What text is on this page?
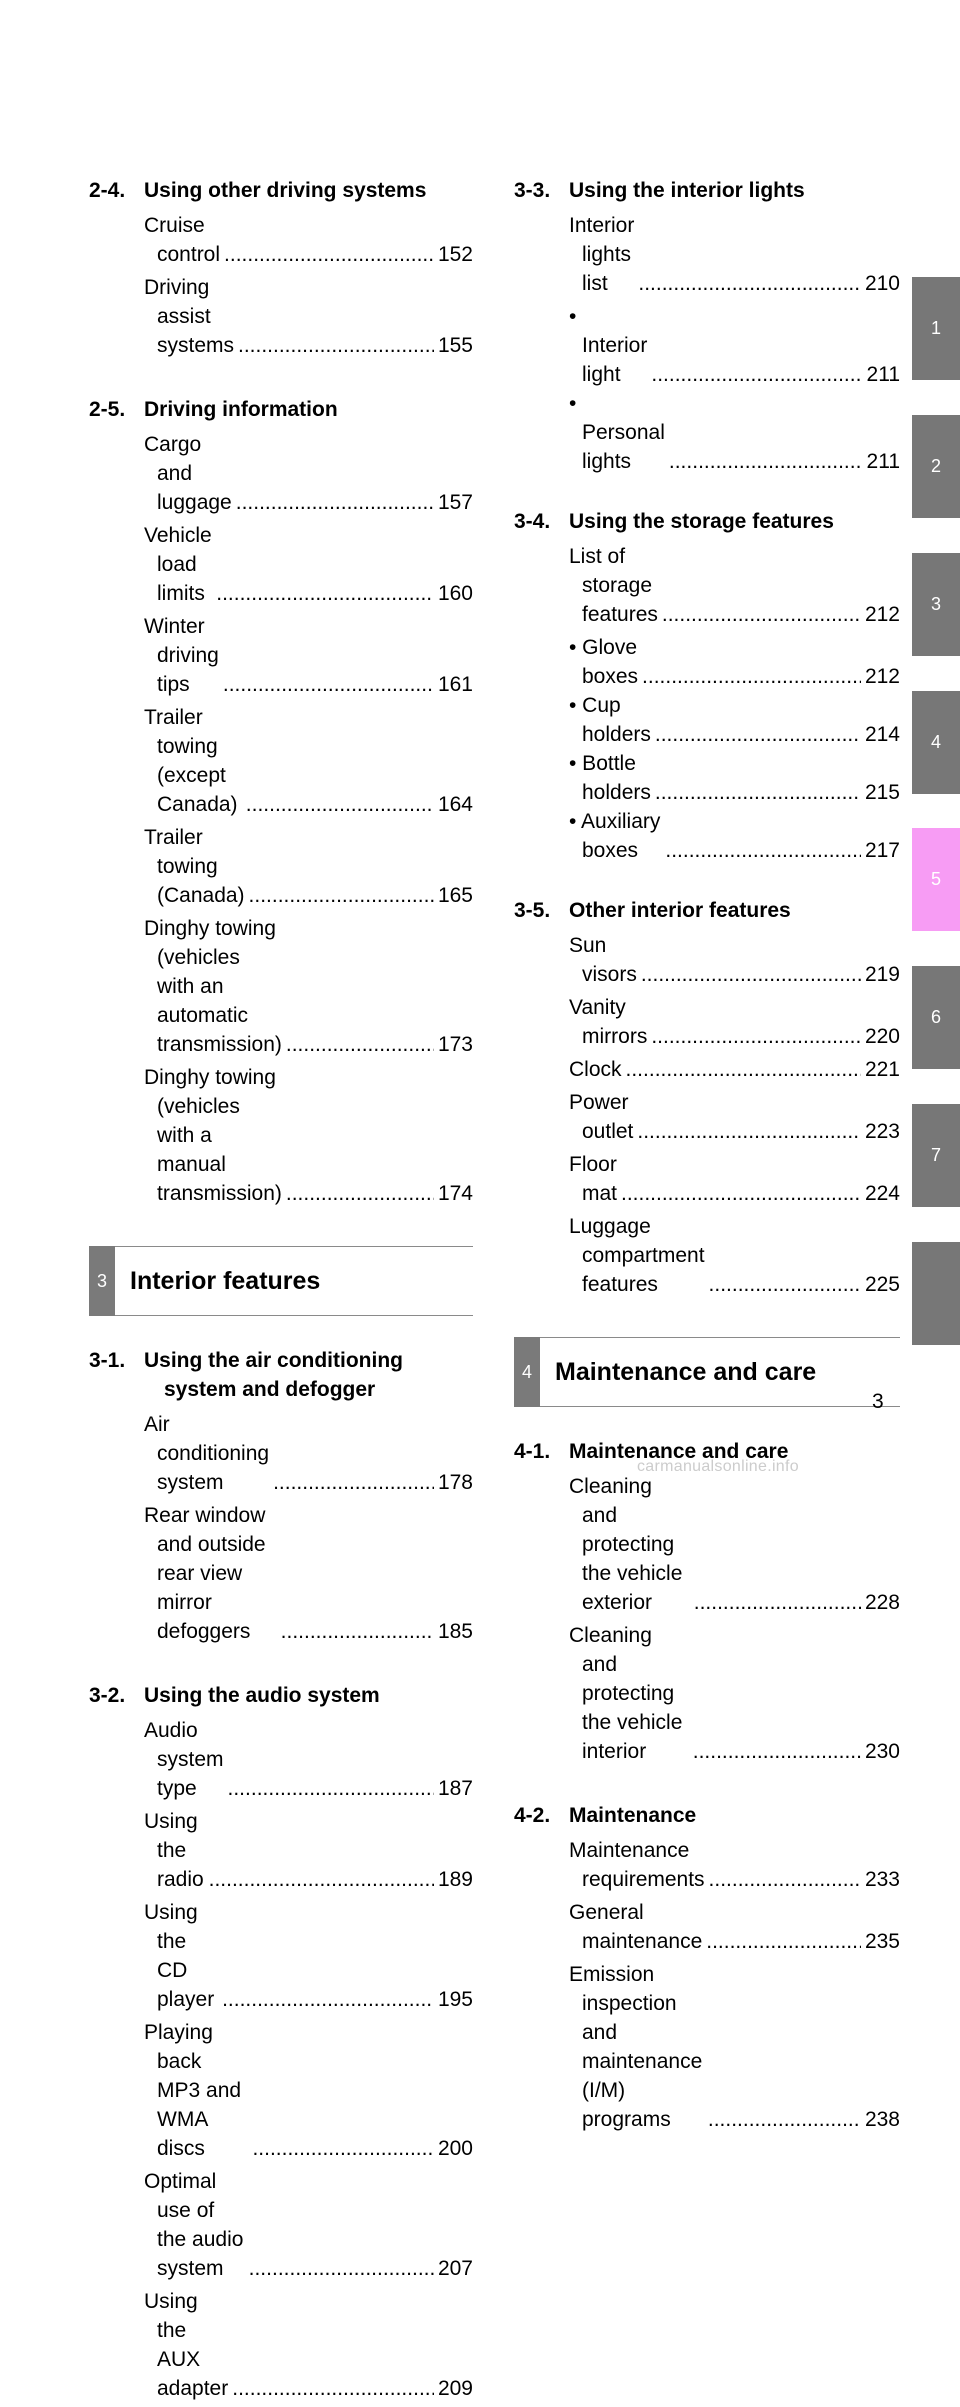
2-4. Using other driving systems
Cruise control .....	152
Driving assist systems .....	155
2-5. Driving information
Cargo and luggage .....	157
Vehicle load limits .....	160
Winter driving tips .....	161
Trailer towing (except Canada) .....	164
Trailer towing (Canada) .....	165
Dinghy towing (vehicles with an automatic transmission) .....	173
Dinghy towing (vehicles with a manual transmission) .....	174
3 Interior features
3-1. Using the air conditioning system and defogger
Air conditioning system .....	178
Rear window and outside rear view mirror defoggers .....	185
3-2. Using the audio system
Audio system type .....	187
Using the radio .....	189
Using the CD player .....	195
Playing back MP3 and WMA discs .....	200
Optimal use of the audio system .....	207
Using the AUX adapter .....	209
3-3. Using the interior lights
Interior lights list .....	210
• Interior light .....	211
• Personal lights .....	211
3-4. Using the storage features
List of storage features .....	212
• Glove boxes .....	212
• Cup holders .....	214
• Bottle holders .....	215
• Auxiliary boxes .....	217
3-5. Other interior features
Sun visors .....	219
Vanity mirrors .....	220
Clock .....	221
Power outlet .....	223
Floor mat .....	224
Luggage compartment features .....	225
4 Maintenance and care
4-1. Maintenance and care
Cleaning and protecting the vehicle exterior .....	228
Cleaning and protecting the vehicle interior .....	230
4-2. Maintenance
Maintenance requirements .....	233
General maintenance .....	235
Emission inspection and maintenance (I/M) programs .....	238
1
2
3
4
5
6
7
3
carmanualsonline.info
